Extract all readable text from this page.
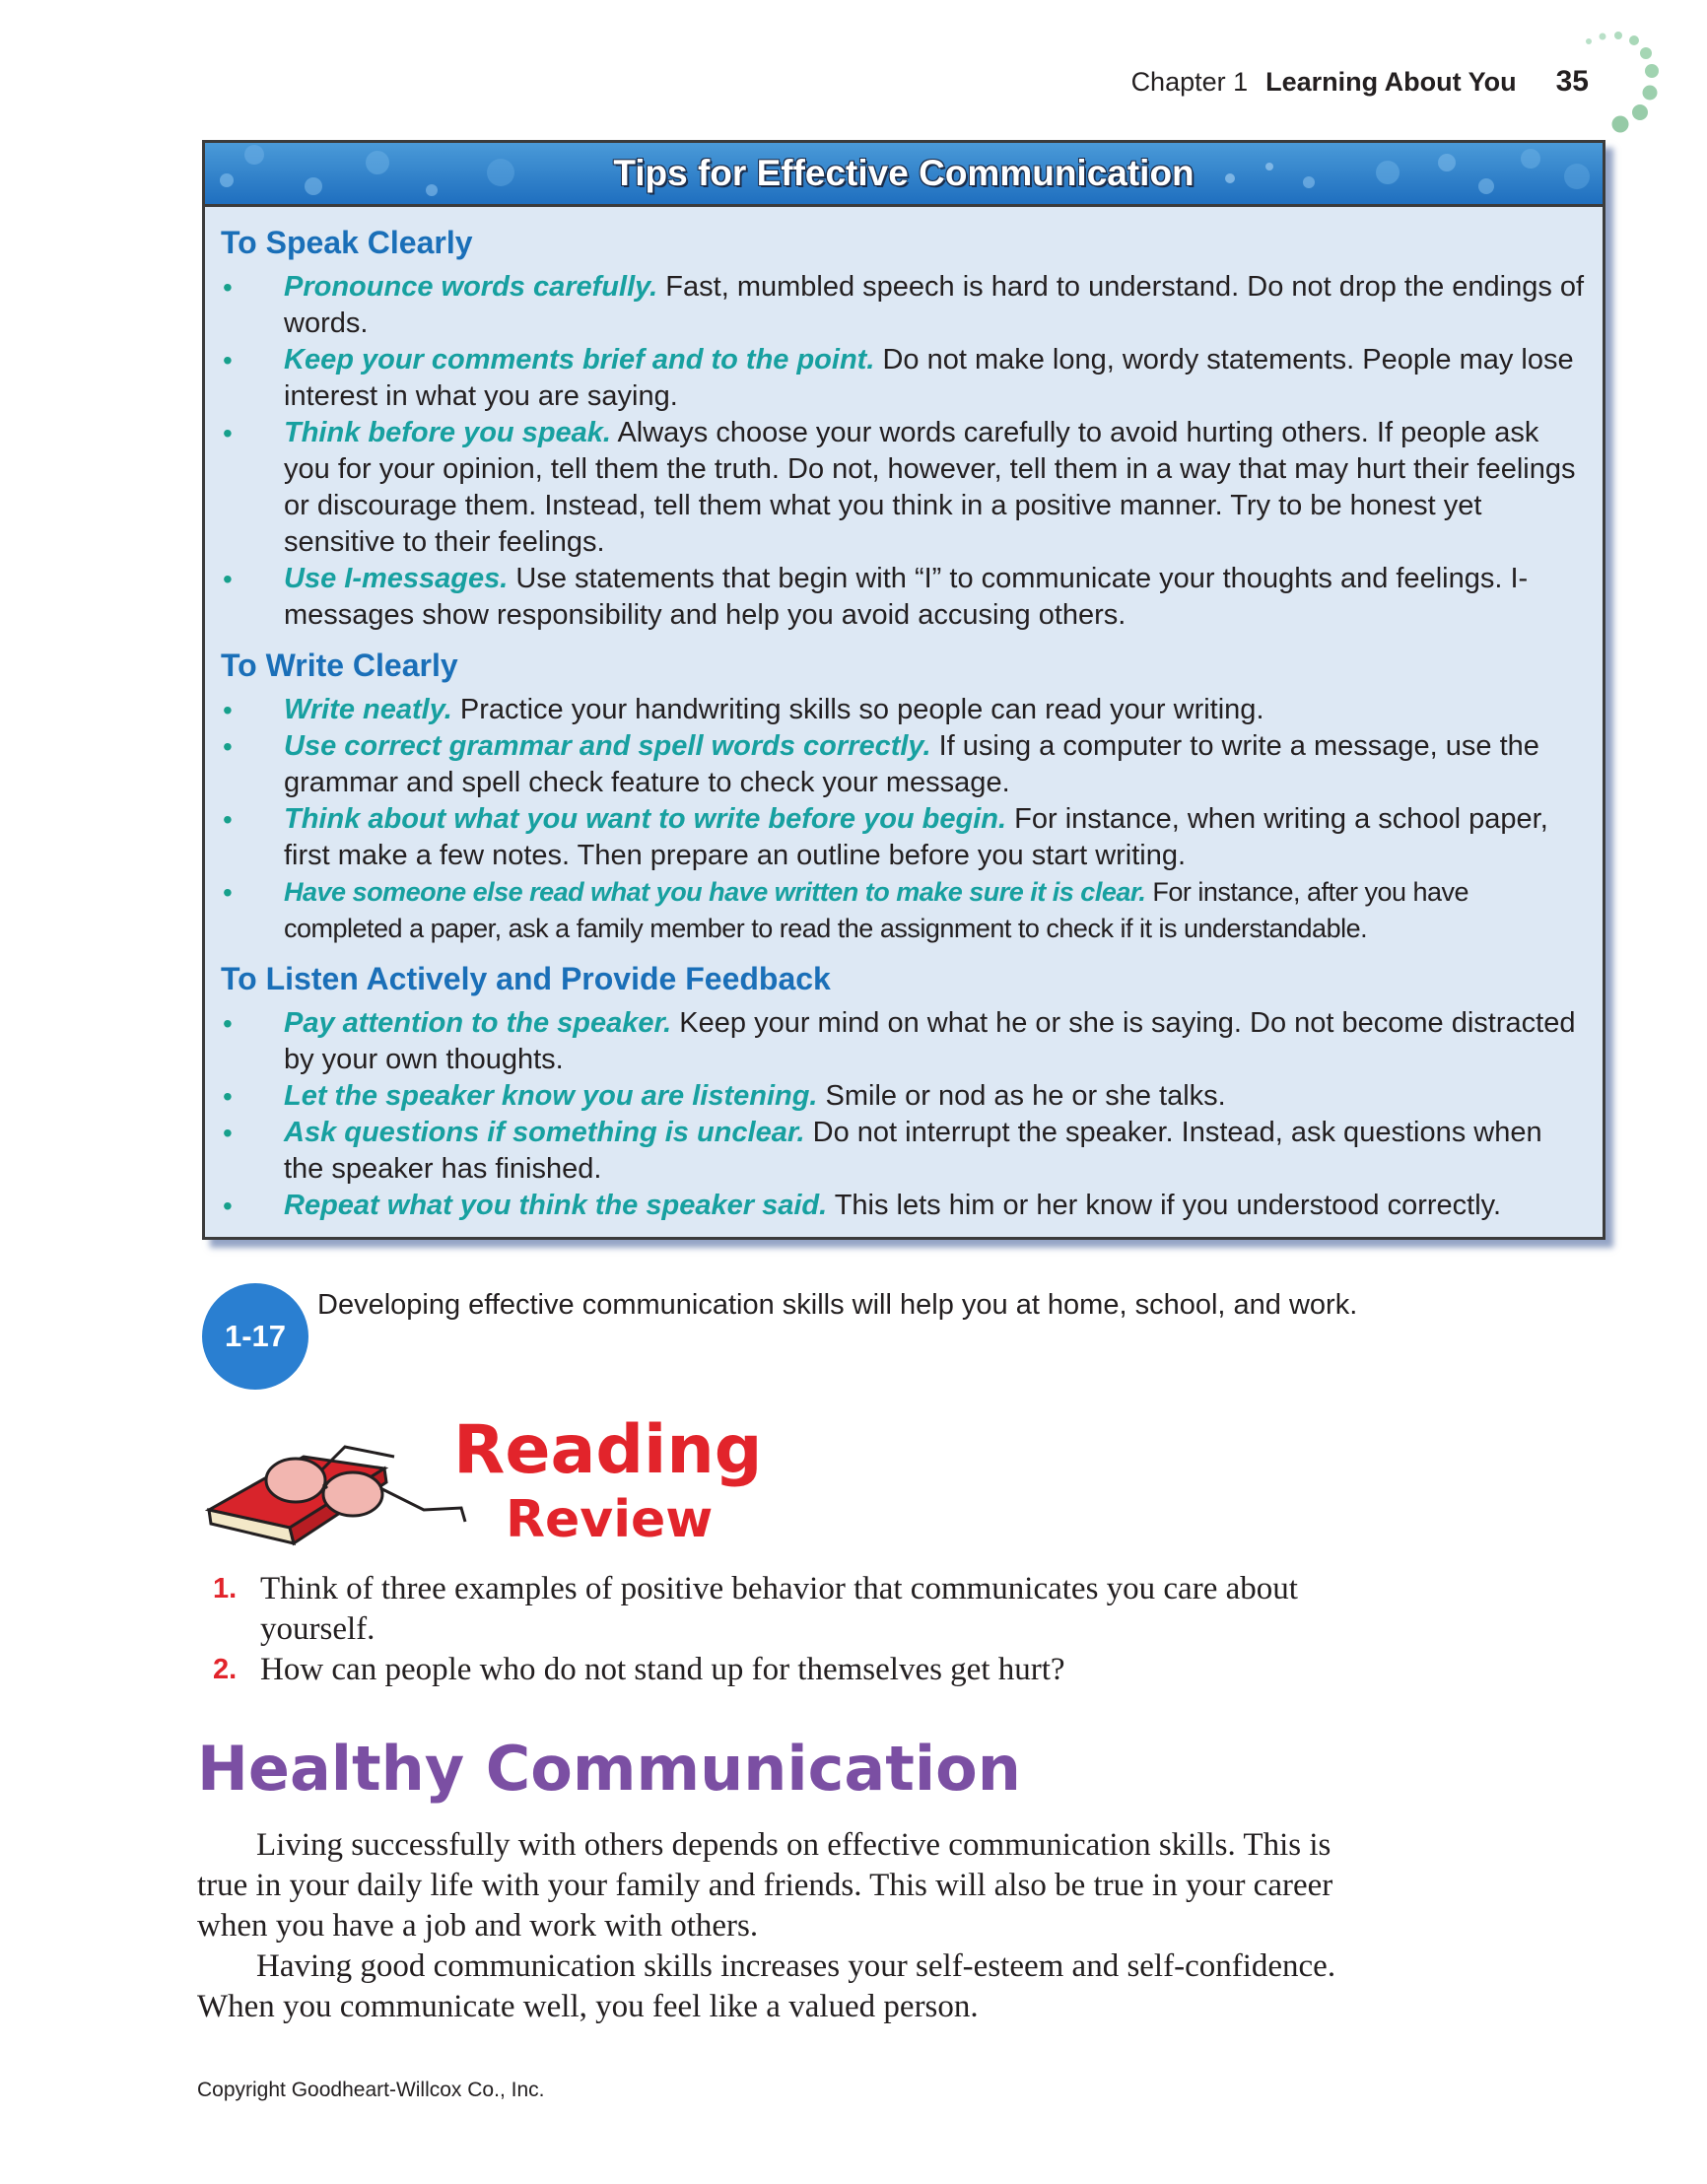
Chapter 1 Learning About You 35
Tips for Effective Communication
To Speak Clearly
• Pronounce words carefully. Fast, mumbled speech is hard to understand. Do not drop the endings of words.
• Keep your comments brief and to the point. Do not make long, wordy statements. People may lose interest in what you are saying.
• Think before you speak. Always choose your words carefully to avoid hurting others. If people ask you for your opinion, tell them the truth. Do not, however, tell them in a way that may hurt their feelings or discourage them. Instead, tell them what you think in a positive manner. Try to be honest yet sensitive to their feelings.
• Use I-messages. Use statements that begin with “I” to communicate your thoughts and feelings. I-messages show responsibility and help you avoid accusing others.
To Write Clearly
• Write neatly. Practice your handwriting skills so people can read your writing.
• Use correct grammar and spell words correctly. If using a computer to write a message, use the grammar and spell check feature to check your message.
• Think about what you want to write before you begin. For instance, when writing a school paper, first make a few notes. Then prepare an outline before you start writing.
• Have someone else read what you have written to make sure it is clear. For instance, after you have completed a paper, ask a family member to read the assignment to check if it is understandable.
To Listen Actively and Provide Feedback
• Pay attention to the speaker. Keep your mind on what he or she is saying. Do not become distracted by your own thoughts.
• Let the speaker know you are listening. Smile or nod as he or she talks.
• Ask questions if something is unclear. Do not interrupt the speaker. Instead, ask questions when the speaker has finished.
• Repeat what you think the speaker said. This lets him or her know if you understood correctly.
1-17
Developing effective communication skills will help you at home, school, and work.
Reading
Review
1. Think of three examples of positive behavior that communicates you care about yourself.
2. How can people who do not stand up for themselves get hurt?
Healthy Communication

Living successfully with others depends on effective communication skills. This is true in your daily life with your family and friends. This will also be true in your career when you have a job and work with others.

Having good communication skills increases your self-esteem and self-confidence. When you communicate well, you feel like a valued person.

Copyright Goodheart-Willcox Co., Inc.
